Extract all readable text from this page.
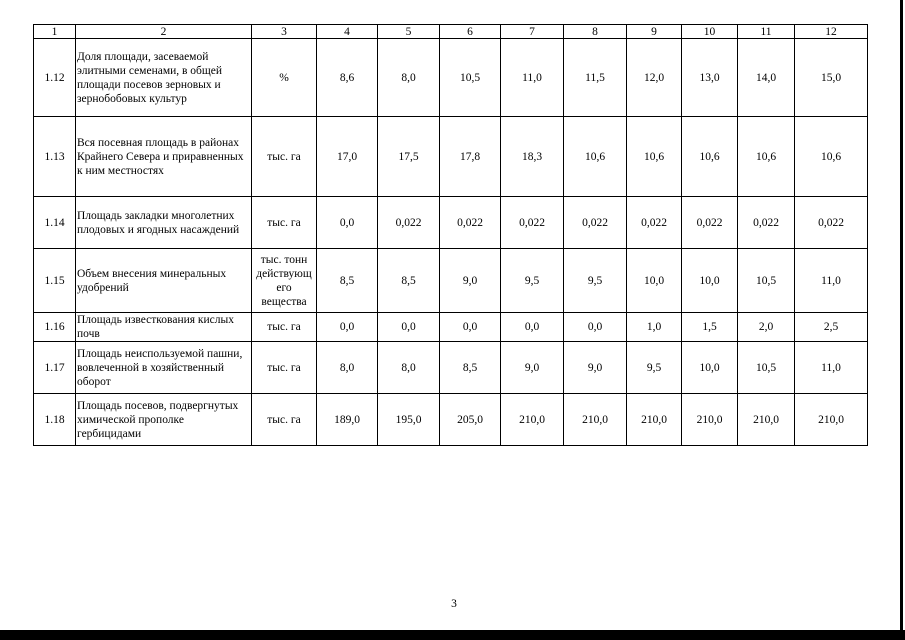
1	2	3	4	5	6	7	8	9	10	11	12
1.12	Доля площади, засеваемой элитными семенами, в общей площади посевов зерновых и зернобобовых культур	%	8,6	8,0	10,5	11,0	11,5	12,0	13,0	14,0	15,0
1.13	Вся посевная площадь в районах Крайнего Севера и приравненных к ним местностях	тыс. га	17,0	17,5	17,8	18,3	10,6	10,6	10,6	10,6	10,6
1.14	Площадь закладки многолетних плодовых и ягодных насаждений	тыс. га	0,0	0,022	0,022	0,022	0,022	0,022	0,022	0,022	0,022
1.15	Объем внесения минеральных удобрений	тыс. тонн действующ его вещества	8,5	8,5	9,0	9,5	9,5	10,0	10,0	10,5	11,0
1.16	Площадь известкования кислых почв	тыс. га	0,0	0,0	0,0	0,0	0,0	1,0	1,5	2,0	2,5
1.17	Площадь неиспользуемой пашни, вовлеченной в хозяйственный оборот	тыс. га	8,0	8,0	8,5	9,0	9,0	9,5	10,0	10,5	11,0
1.18	Площадь посевов, подвергнутых химической прополке гербицидами	тыс. га	189,0	195,0	205,0	210,0	210,0	210,0	210,0	210,0	210,0
3
